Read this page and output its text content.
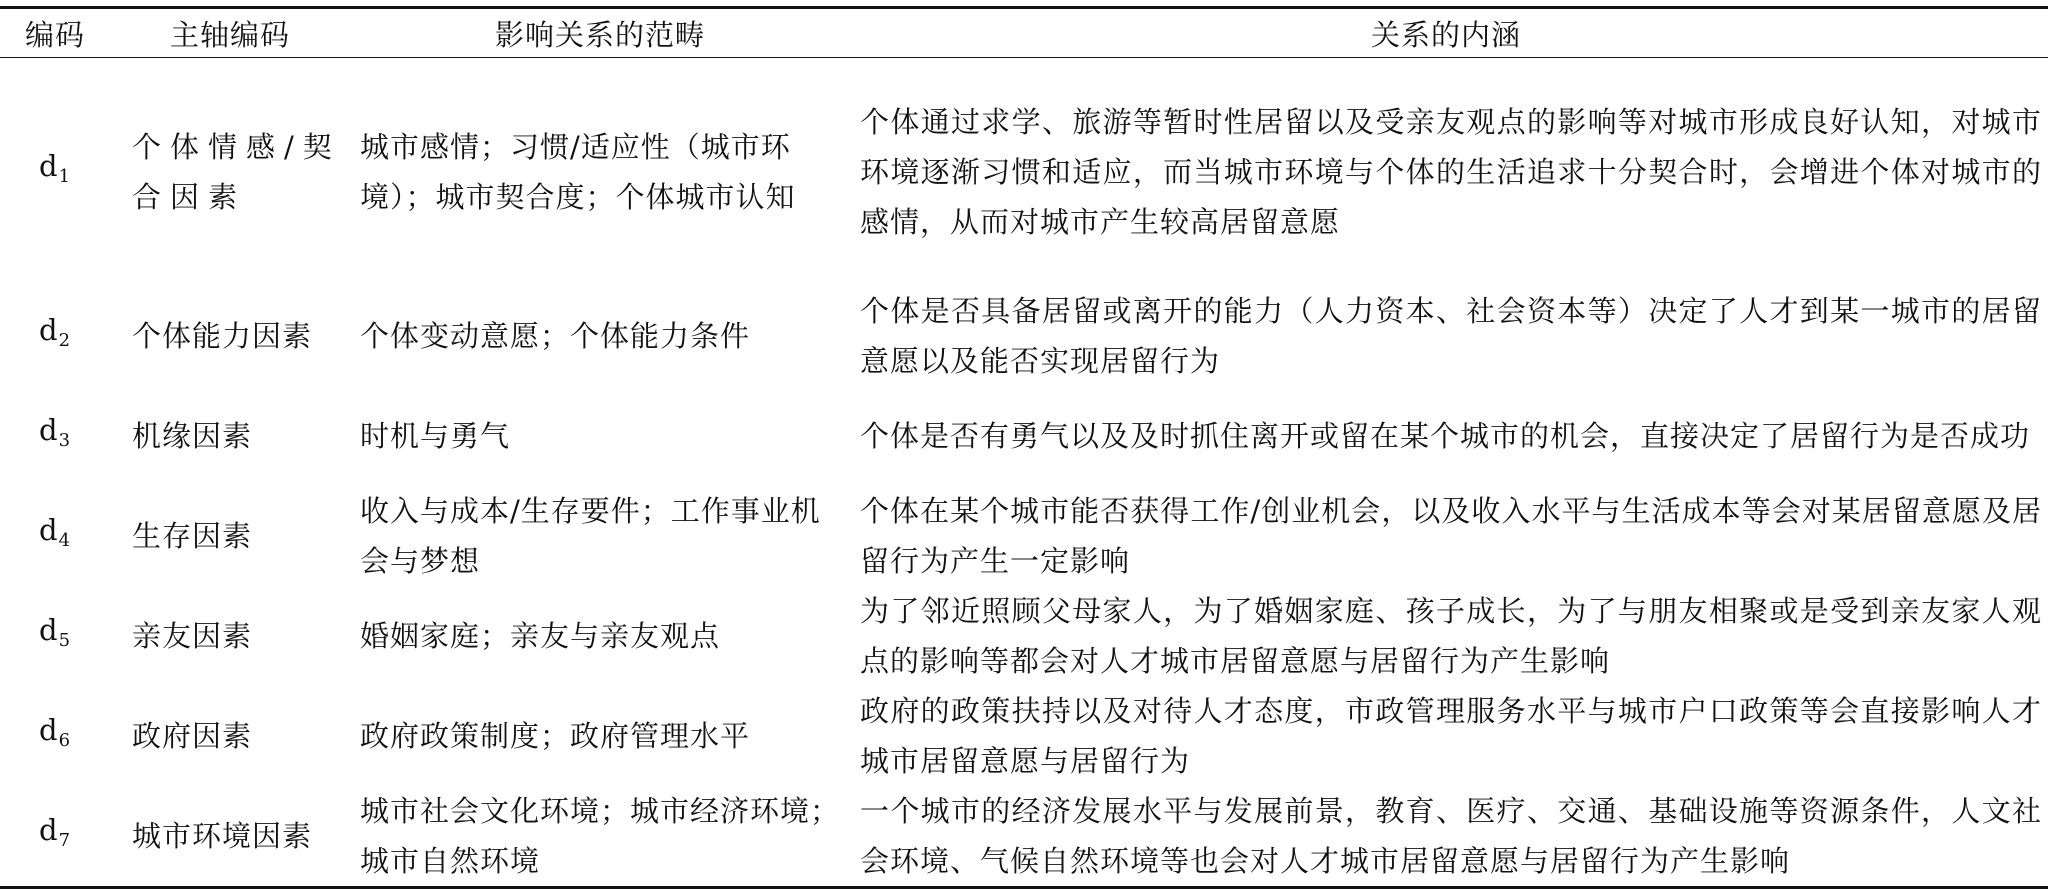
编码	主轴编码	影响关系的范畴	关系的内涵
$d_1$	个体情感/契合因素	城市感情；习惯/适应性（城市环境）；城市契合度；个体城市认知	个体通过求学、旅游等暂时性居留以及受亲友观点的影响等对城市形成良好认知，对城市环境逐渐习惯和适应，而当城市环境与个体的生活追求十分契合时，会增进个体对城市的感情，从而对城市产生较高居留意愿
$d_2$	个体能力因素	个体变动意愿；个体能力条件	个体是否具备居留或离开的能力（人力资本、社会资本等）决定了人才到某一城市的居留意愿以及能否实现居留行为
$d_3$	机缘因素	时机与勇气	个体是否有勇气以及及时抓住离开或留在某个城市的机会，直接决定了居留行为是否成功
$d_4$	生存因素	收入与成本/生存要件；工作事业机会与梦想	个体在某个城市能否获得工作/创业机会，以及收入水平与生活成本等会对某居留意愿及居留行为产生一定影响
$d_5$	亲友因素	婚姻家庭；亲友与亲友观点	为了邻近照顾父母家人，为了婚姻家庭、孩子成长，为了与朋友相聚或是受到亲友家人观点的影响等都会对人才城市居留意愿与居留行为产生影响
$d_6$	政府因素	政府政策制度；政府管理水平	政府的政策扶持以及对待人才态度，市政管理服务水平与城市户口政策等会直接影响人才城市居留意愿与居留行为
$d_7$	城市环境因素	城市社会文化环境；城市经济环境；城市自然环境	一个城市的经济发展水平与发展前景，教育、医疗、交通、基础设施等资源条件，人文社会环境、气候自然环境等也会对人才城市居留意愿与居留行为产生影响
